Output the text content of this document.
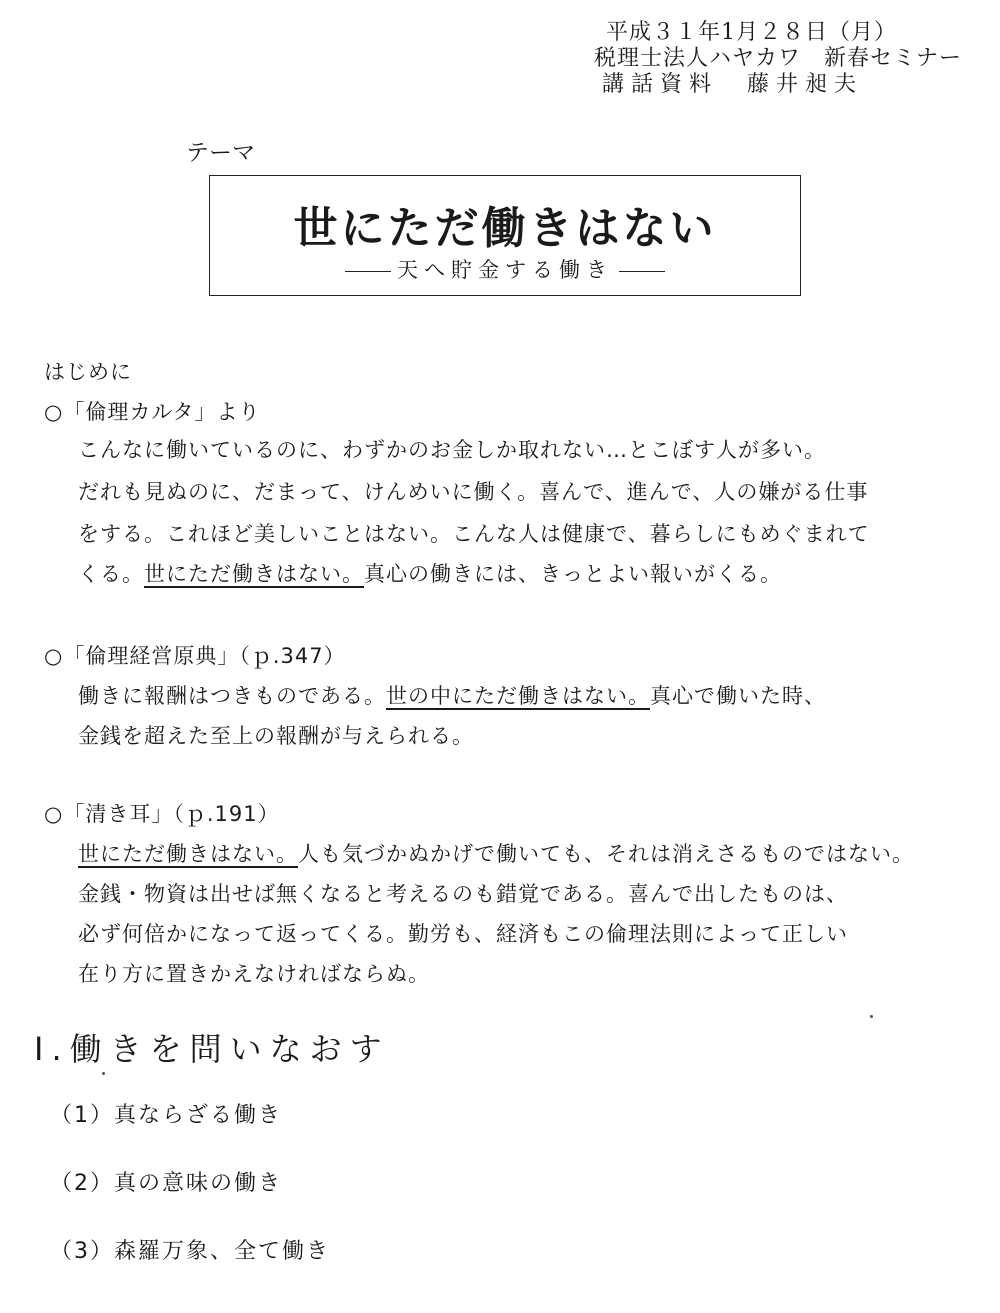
平成３１年1月２８日（月）
税理士法人ハヤカワ　新春セミナー
講話資料　藤井昶夫
テーマ
世にただ働きはない
天へ貯金する働き
はじめに
○「倫理カルタ」より
こんなに働いているのに、わずかのお金しか取れない…とこぼす人が多い。
だれも見ぬのに、だまって、けんめいに働く。喜んで、進んで、人の嫌がる仕事
をする。これほど美しいことはない。こんな人は健康で、暮らしにもめぐまれて
くる。世にただ働きはない。真心の働きには、きっとよい報いがくる。
○「倫理経営原典」（ｐ.347）
働きに報酬はつきものである。世の中にただ働きはない。真心で働いた時、
金銭を超えた至上の報酬が与えられる。
○「清き耳」（ｐ.191）
世にただ働きはない。人も気づかぬかげで働いても、それは消えさるものではない。
金銭・物資は出せば無くなると考えるのも錯覚である。喜んで出したものは、
必ず何倍かになって返ってくる。勤労も、経済もこの倫理法則によって正しい
在り方に置きかえなければならぬ。
Ⅰ.働きを問いなおす
（1）真ならざる働き
（2）真の意味の働き
（3）森羅万象、全て働き
